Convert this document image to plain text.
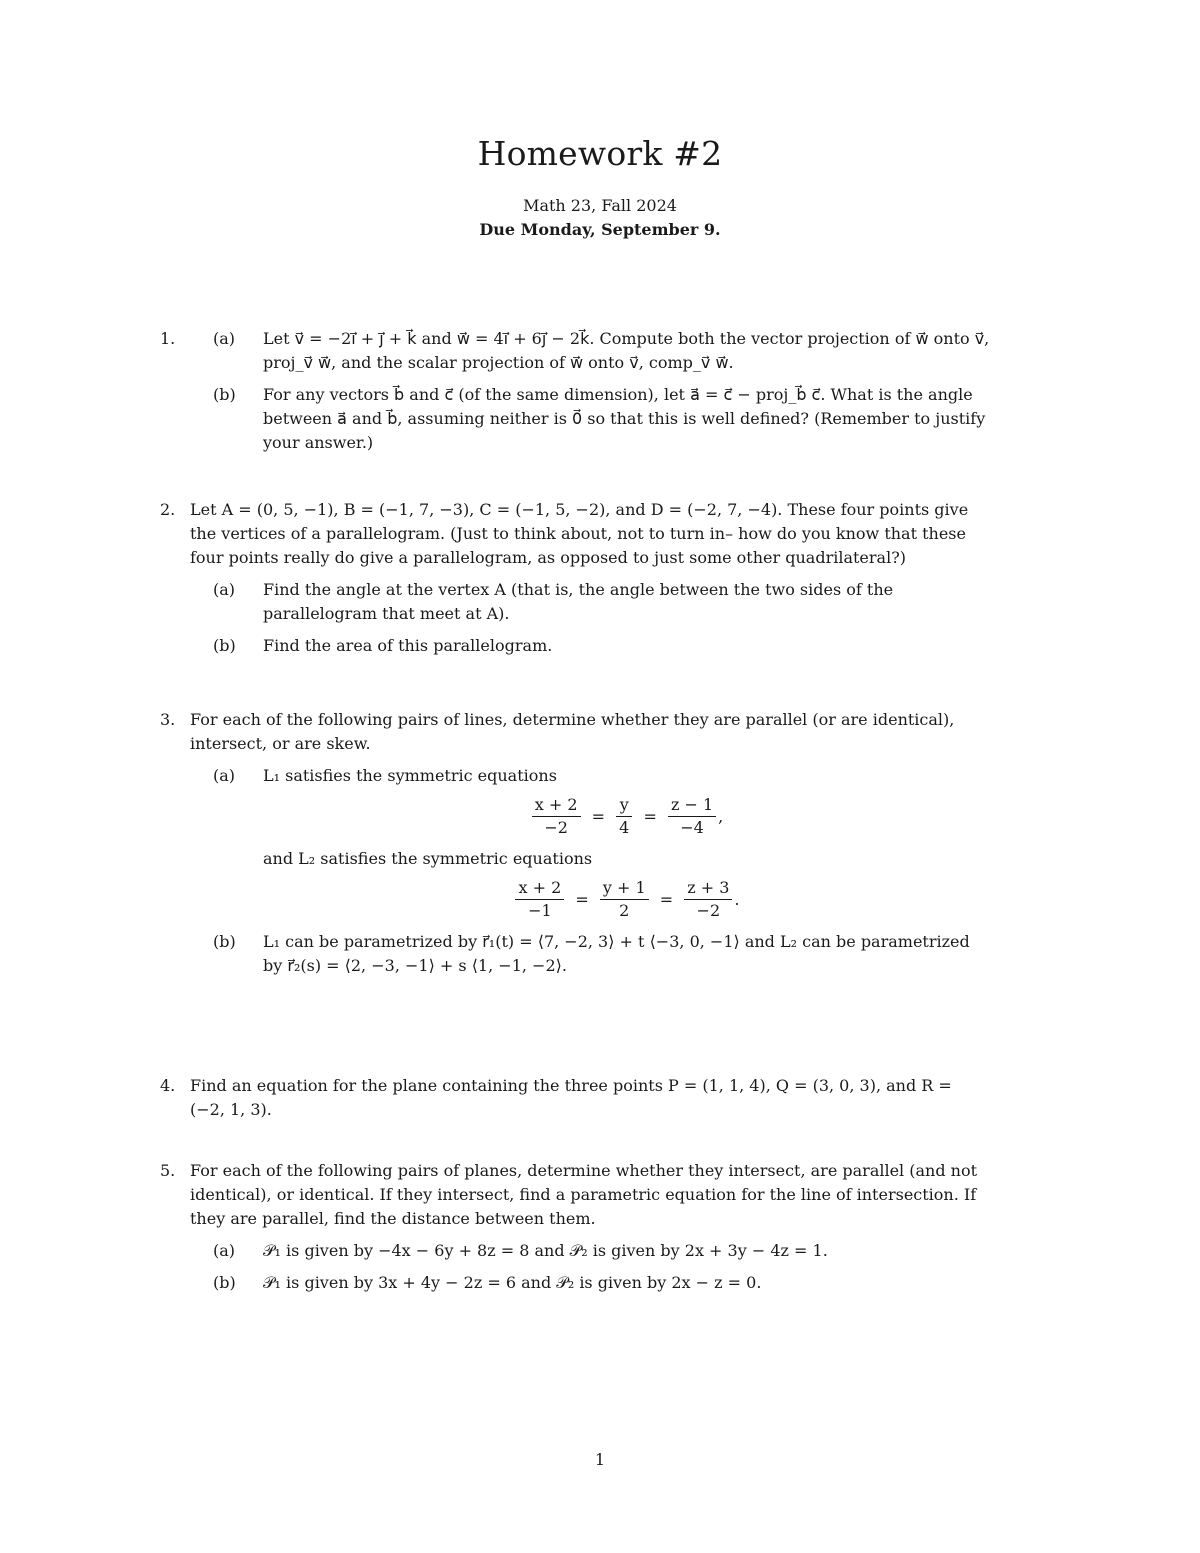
Homework #2
Math 23, Fall 2024
Due Monday, September 9.
1. (a) Let v⃗ = −2ı⃗ + j⃗ + k⃗ and w⃗ = 4ı⃗ + 6j⃗ − 2k⃗. Compute both the vector projection of w⃗ onto v⃗, proj_v⃗ w⃗, and the scalar projection of w⃗ onto v⃗, comp_v⃗ w⃗.
(b) For any vectors b⃗ and c⃗ (of the same dimension), let a⃗ = c⃗ − proj_b⃗ c⃗. What is the angle between a⃗ and b⃗, assuming neither is 0⃗ so that this is well defined? (Remember to justify your answer.)
2. Let A = (0, 5, −1), B = (−1, 7, −3), C = (−1, 5, −2), and D = (−2, 7, −4). These four points give the vertices of a parallelogram. (Just to think about, not to turn in– how do you know that these four points really do give a parallelogram, as opposed to just some other quadrilateral?)
(a) Find the angle at the vertex A (that is, the angle between the two sides of the parallelogram that meet at A).
(b) Find the area of this parallelogram.
3. For each of the following pairs of lines, determine whether they are parallel (or are identical), intersect, or are skew.
(a) L₁ satisfies the symmetric equations
$\frac{x + 2}{-2} = \frac{y}{4} = \frac{z - 1}{-4}$ ,
and L₂ satisfies the symmetric equations
$\frac{x + 2}{-1} = \frac{y + 1}{2} = \frac{z + 3}{-2}$ .
(b) L₁ can be parametrized by r⃗₁(t) = ⟨7, −2, 3⟩ + t ⟨−3, 0, −1⟩ and L₂ can be parametrized by r⃗₂(s) = ⟨2, −3, −1⟩ + s ⟨1, −1, −2⟩.
4. Find an equation for the plane containing the three points P = (1, 1, 4), Q = (3, 0, 3), and R = (−2, 1, 3).
5. For each of the following pairs of planes, determine whether they intersect, are parallel (and not identical), or identical. If they intersect, find a parametric equation for the line of intersection. If they are parallel, find the distance between them.
(a) 𝒫₁ is given by −4x − 6y + 8z = 8 and 𝒫₂ is given by 2x + 3y − 4z = 1.
(b) 𝒫₁ is given by 3x + 4y − 2z = 6 and 𝒫₂ is given by 2x − z = 0.
1
